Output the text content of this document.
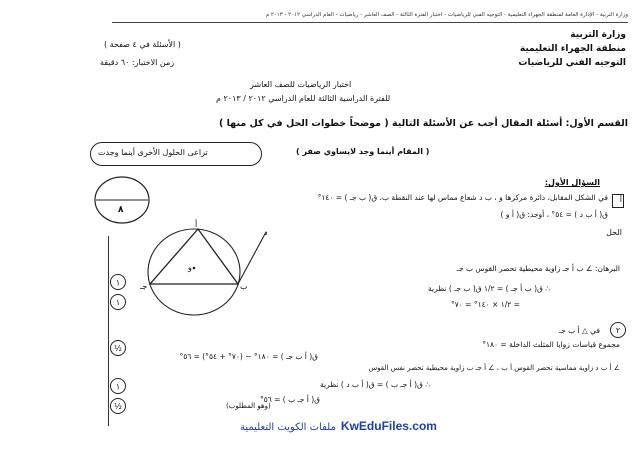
وزارة التربية - الإدارة العامة لمنطقة الجهراء التعليمية - التوجيه الفني للرياضيات - اختبار الفترة الثالثة - الصف العاشر - رياضيات - العام الدراسي ٢٠١٢ - ٢٠١٣ م
وزارة التربية
منطقة الجهراء التعليمية
التوجيه الفني للرياضيات
( الأسئلة في ٤ صفحة )
زمن الاختبار: ٦٠ دقيقة
اختبار الرياضيات للصف العاشر
للفترة الدراسية الثالثة للعام الدراسي ٢٠١٢ / ٢٠١٣ م
القسم الأول: أسئلة المقال أجب عن الأسئلة التالية ( موضحاً خطوات الحل في كل منها )
( المقام أينما وجد لايساوي صفر )
تراعى الحلول الأخرى أينما وجدت
٨
السؤال الأول:
أ
في الشكل المقابل، دائرة مركزها و ، ب د شعاع مماس لها عند النقطة ب، ق( ب جـ ) = ١٤٠°
ق( أ ب د ) = ٥٤° ، أوجد: ق( أ و )
الحل
أ
ب
جـ
د
و	البرهان: ∠ ب أ جـ زاوية محيطية تحصر القوس ب جـ
∴ ق( ب أ جـ ) = ١/٢ ق( ب جـ ) نظرية
= ١/٢ × ١٤٠° = ٧٠°
في △ أ ب جـ
مجموع قياسات زوايا المثلث الداخلة = ١٨٠°
ق( أ ب جـ ) = ١٨٠° − (٧٠° + ٥٤°) = ٥٦°
∠ أ ب د زاوية مماسية تحصر القوس أ ب ، ∠ أ جـ ب زاوية محيطية تحصر نفس القوس
∴ ق( أ جـ ب ) = ق( أ ب د ) نظرية
ق( أ جـ ب ) = ٥٦°
(وهو المطلوب)
١
١
½
١
½
٢
ملفات الكويت التعليمية KwEduFiles.com
